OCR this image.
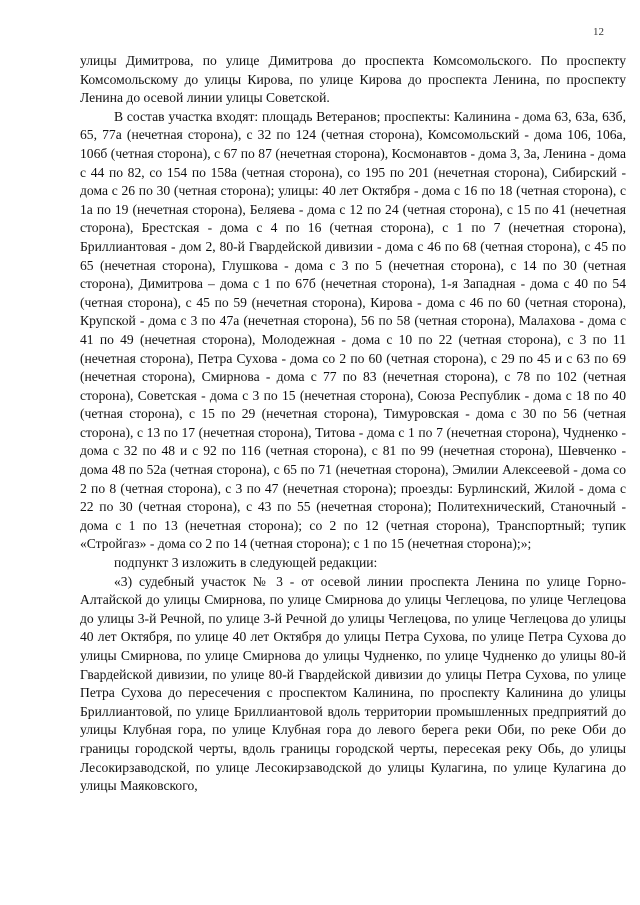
12

улицы Димитрова, по улице Димитрова до проспекта Комсомольского. По проспекту Комсомольскому до улицы Кирова, по улице Кирова до проспекта Ленина, по проспекту Ленина до осевой линии улицы Советской.

В состав участка входят: площадь Ветеранов; проспекты: Калинина - дома 63, 63а, 63б, 65, 77а (нечетная сторона), с 32 по 124 (четная сторона), Комсомольский - дома 106, 106а, 106б (четная сторона), с 67 по 87 (нечетная сторона), Космонавтов - дома 3, 3а, Ленина - дома с 44 по 82, со 154 по 158а (четная сторона), со 195 по 201 (нечетная сторона), Сибирский - дома с 26 по 30 (четная сторона); улицы: 40 лет Октября - дома с 16 по 18 (четная сторона), с 1а по 19 (нечетная сторона), Беляева - дома с 12 по 24 (четная сторона), с 15 по 41 (нечетная сторона), Брестская - дома с 4 по 16 (четная сторона), с 1 по 7 (нечетная сторона), Бриллиантовая - дом 2, 80-й Гвардейской дивизии - дома с 46 по 68 (четная сторона), с 45 по 65 (нечетная сторона), Глушкова - дома с 3 по 5 (нечетная сторона), с 14 по 30 (четная сторона), Димитрова – дома с 1 по 67б (нечетная сторона), 1-я Западная - дома с 40 по 54 (четная сторона), с 45 по 59 (нечетная сторона), Кирова - дома с 46 по 60 (четная сторона), Крупской - дома с 3 по 47а (нечетная сторона), 56 по 58 (четная сторона), Малахова - дома с 41 по 49 (нечетная сторона), Молодежная - дома с 10 по 22 (четная сторона), с 3 по 11 (нечетная сторона), Петра Сухова - дома со 2 по 60 (четная сторона), с 29 по 45 и с 63 по 69 (нечетная сторона), Смирнова - дома с 77 по 83 (нечетная сторона), с 78 по 102 (четная сторона), Советская - дома с 3 по 15 (нечетная сторона), Союза Республик - дома с 18 по 40 (четная сторона), с 15 по 29 (нечетная сторона), Тимуровская - дома с 30 по 56 (четная сторона), с 13 по 17 (нечетная сторона), Титова - дома с 1 по 7 (нечетная сторона), Чудненко - дома с 32 по 48 и с 92 по 116 (четная сторона), с 81 по 99 (нечетная сторона), Шевченко - дома 48 по 52а (четная сторона), с 65 по 71 (нечетная сторона), Эмилии Алексеевой - дома со 2 по 8 (четная сторона), с 3 по 47 (нечетная сторона); проезды: Бурлинский, Жилой - дома с 22 по 30 (четная сторона), с 43 по 55 (нечетная сторона); Политехнический, Станочный - дома с 1 по 13 (нечетная сторона); со 2 по 12 (четная сторона), Транспортный; тупик «Стройгаз» - дома со 2 по 14 (четная сторона); с 1 по 15 (нечетная сторона);»;

подпункт 3 изложить в следующей редакции:

«3) судебный участок № 3 - от осевой линии проспекта Ленина по улице Горно-Алтайской до улицы Смирнова, по улице Смирнова до улицы Чеглецова, по улице Чеглецова до улицы 3-й Речной, по улице 3-й Речной до улицы Чеглецова, по улице Чеглецова до улицы 40 лет Октября, по улице 40 лет Октября до улицы Петра Сухова, по улице Петра Сухова до улицы Смирнова, по улице Смирнова до улицы Чудненко, по улице Чудненко до улицы 80-й Гвардейской дивизии, по улице 80-й Гвардейской дивизии до улицы Петра Сухова, по улице Петра Сухова до пересечения с проспектом Калинина, по проспекту Калинина до улицы Бриллиантовой, по улице Бриллиантовой вдоль территории промышленных предприятий до улицы Клубная гора, по улице Клубная гора до левого берега реки Оби, по реке Оби до границы городской черты, вдоль границы городской черты, пересекая реку Обь, до улицы Лесокирзаводской, по улице Лесокирзаводской до улицы Кулагина, по улице Кулагина до улицы Маяковского,
